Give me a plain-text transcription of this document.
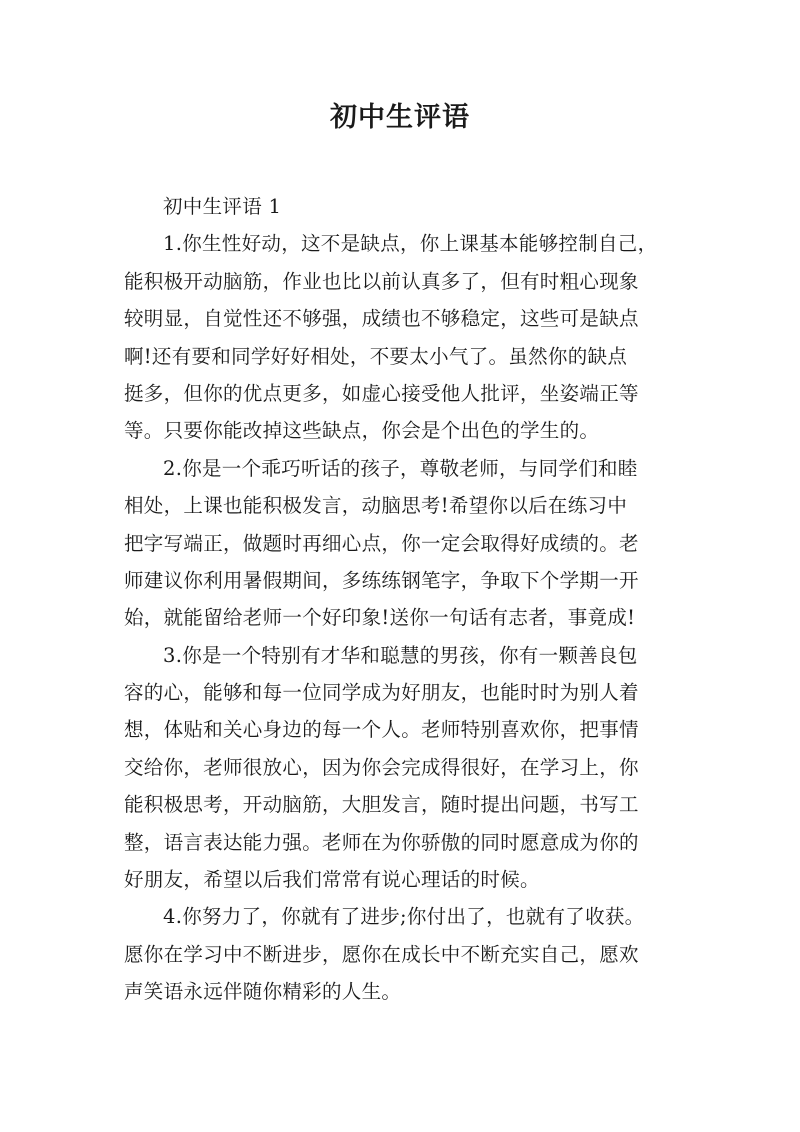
初中生评语
初中生评语 1
1.你生性好动，这不是缺点，你上课基本能够控制自己，
能积极开动脑筋，作业也比以前认真多了，但有时粗心现象
较明显，自觉性还不够强，成绩也不够稳定，这些可是缺点
啊!还有要和同学好好相处，不要太小气了。虽然你的缺点
挺多，但你的优点更多，如虚心接受他人批评，坐姿端正等
等。只要你能改掉这些缺点，你会是个出色的学生的。
2.你是一个乖巧听话的孩子，尊敬老师，与同学们和睦
相处，上课也能积极发言，动脑思考!希望你以后在练习中
把字写端正，做题时再细心点，你一定会取得好成绩的。老
师建议你利用暑假期间，多练练钢笔字，争取下个学期一开
始，就能留给老师一个好印象!送你一句话有志者，事竟成!
3.你是一个特别有才华和聪慧的男孩，你有一颗善良包
容的心，能够和每一位同学成为好朋友，也能时时为别人着
想，体贴和关心身边的每一个人。老师特别喜欢你，把事情
交给你，老师很放心，因为你会完成得很好，在学习上，你
能积极思考，开动脑筋，大胆发言，随时提出问题，书写工
整，语言表达能力强。老师在为你骄傲的同时愿意成为你的
好朋友，希望以后我们常常有说心理话的时候。
4.你努力了，你就有了进步;你付出了，也就有了收获。
愿你在学习中不断进步，愿你在成长中不断充实自己，愿欢
声笑语永远伴随你精彩的人生。
